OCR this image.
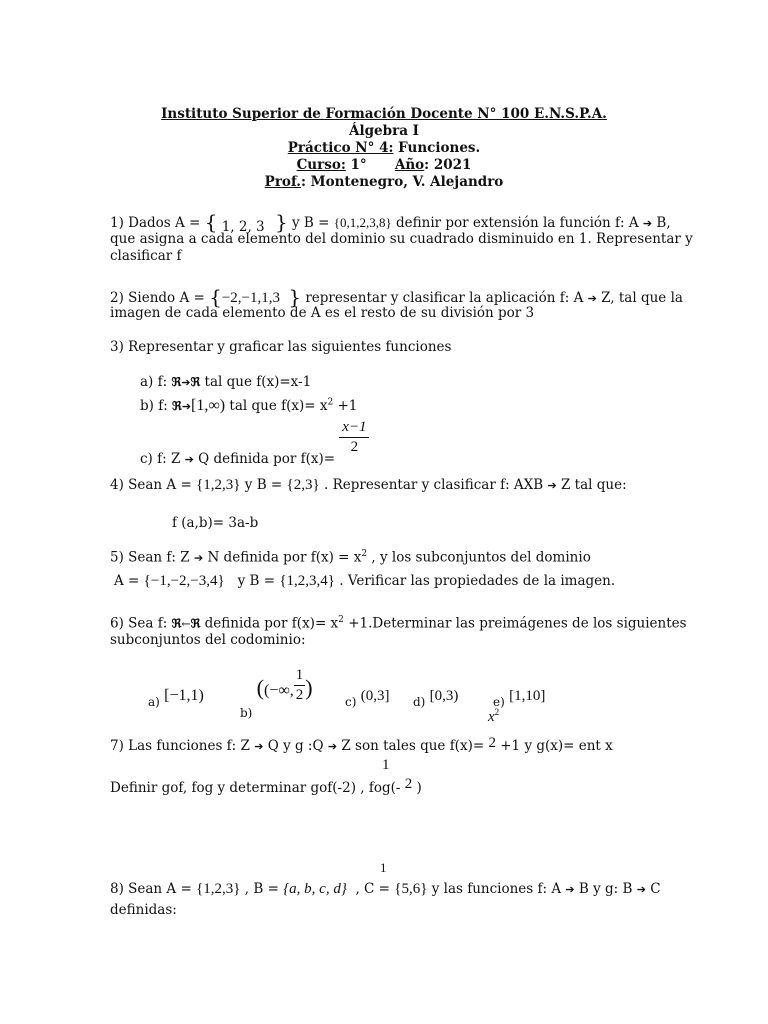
Instituto Superior de Formación Docente N° 100 E.N.S.P.A.
Álgebra I
Práctico N° 4: Funciones.
Curso: 1° Año: 2021
Prof.: Montenegro, V. Alejandro
1) Dados A = { 1, 2, 3 } y B = {0,1,2,3,8} definir por extensión la función f: A ➔ B,
que asigna a cada elemento del dominio su cuadrado disminuido en 1. Representar y
clasificar f
2) Siendo A = {−2,−1,1,3 } representar y clasificar la aplicación f: A ➔ Z, tal que la
imagen de cada elemento de A es el resto de su división por 3
3) Representar y graficar las siguientes funciones
a) f: ℜ➔ℜ tal que f(x)=x-1
b) f: ℜ➔[1,∞) tal que $f(x)= x^2 +1$
c) f: Z $_➔$ Q definida por f(x)=
$\frac{x-1}{2}$
4) Sean A = {1,2,3} y B = {2,3} . Representar y clasificar f: AXB ➔ Z tal que:
f (a,b)= 3a-b
5) Sean f: Z ➔ N definida por $f(x) = x^2$ , y los subconjuntos del dominio
A = {−1,−2,−3,4} y B = {1,2,3,4} . Verificar las propiedades de la imagen.
6) Sea f: ℜ←ℜ definida por $f(x)= x^2$ +1.Determinar las preimágenes de los siguientes
subconjuntos del codominio:
a) [−1,1)
b) ((−∞, $\frac{1}{2}$ )
c) (0,3] d) [0,3)	e) [1,10]
$x^2$
7) Las funciones f: Z ➔ Q y g :Q ➔ Z son tales que f(x)= 2 +1 y g(x)= ent x
1
Definir gof, fog y determinar gof(-2) , fog(- 2 )
1
8) Sean A = {1,2,3} , B = {a, b, c, d} , C = {5,6} y las funciones f: A ➔ B y g: B ➔ C
definidas:
